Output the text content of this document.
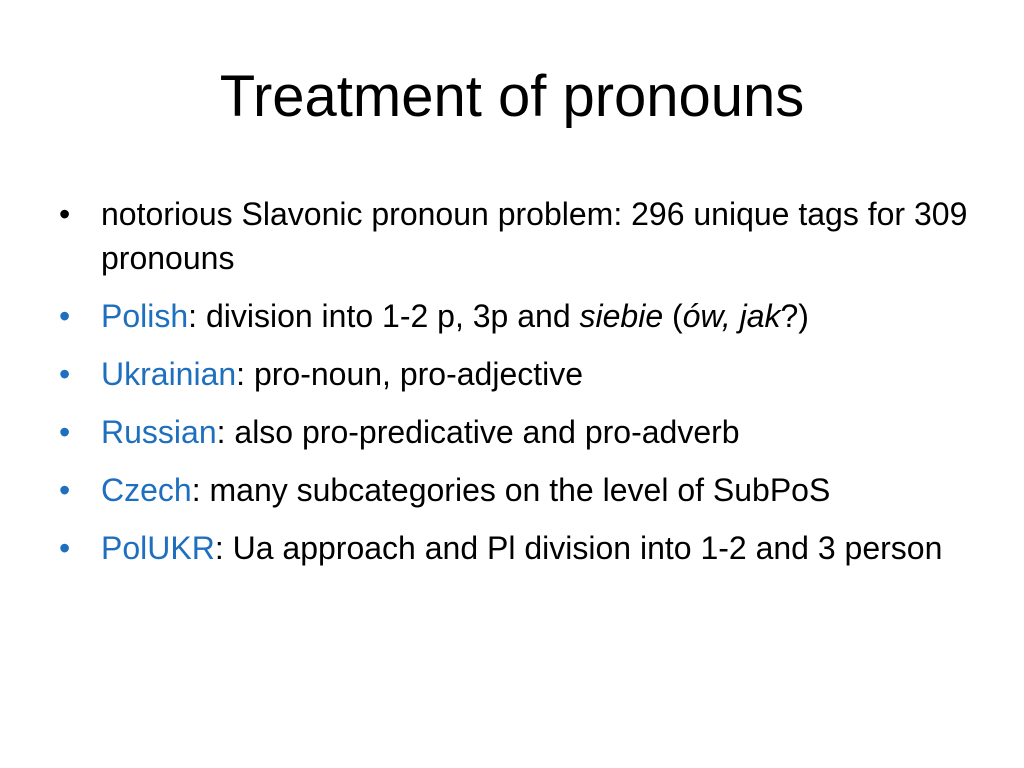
Treatment of pronouns
• notorious Slavonic pronoun problem: 296 unique tags for 309 pronouns
• Polish: division into 1-2 p, 3p and siebie (ów, jak?)
• Ukrainian: pro-noun, pro-adjective
• Russian: also pro-predicative and pro-adverb
• Czech: many subcategories on the level of SubPoS
• PolUKR: Ua approach and Pl division into 1-2 and 3 person
